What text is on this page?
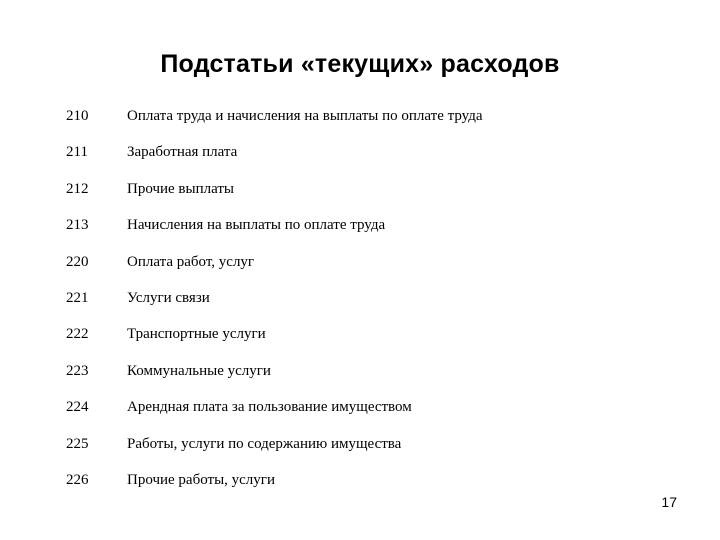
Подстатьи «текущих» расходов
210	Оплата труда и начисления на выплаты по оплате труда
211	Заработная плата
212	Прочие выплаты
213	Начисления на выплаты по оплате труда
220	Оплата работ, услуг
221	Услуги связи
222	Транспортные услуги
223	Коммунальные услуги
224	Арендная плата за пользование имуществом
225	Работы, услуги по содержанию имущества
226	Прочие работы, услуги
17
